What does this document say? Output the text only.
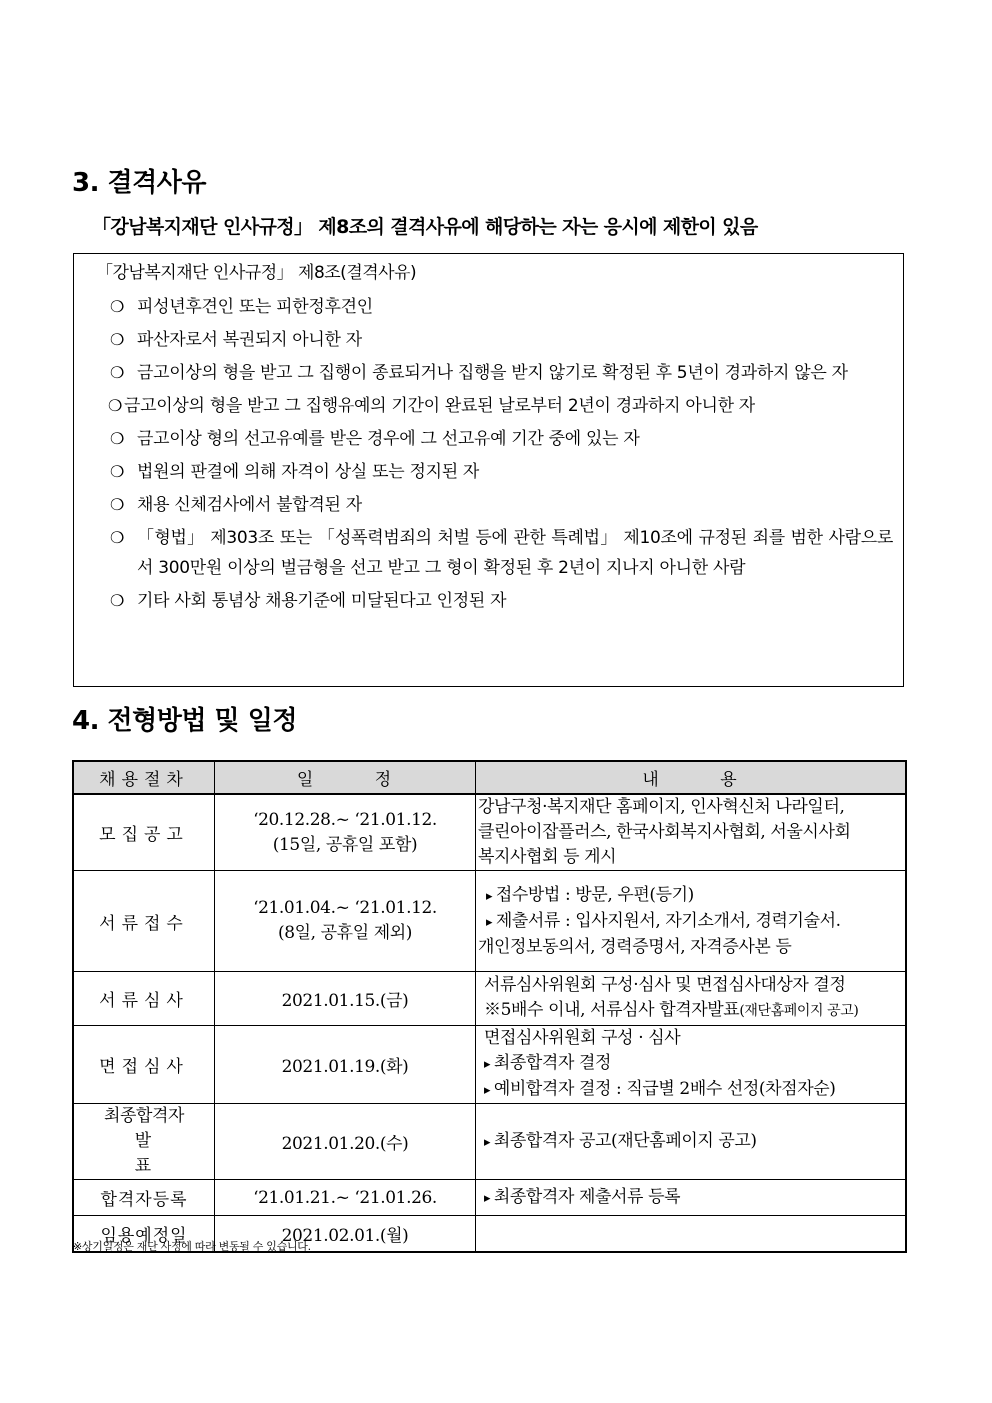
3. 결격사유
「강남복지재단 인사규정」 제8조의 결격사유에 해당하는 자는 응시에 제한이 있음
「강남복지재단 인사규정」 제8조(결격사유)
❍ 피성년후견인 또는 피한정후견인
❍ 파산자로서 복권되지 아니한 자
❍ 금고이상의 형을 받고 그 집행이 종료되거나 집행을 받지 않기로 확정된 후 5년이 경과하지 않은 자
❍ 금고이상의 형을 받고 그 집행유예의 기간이 완료된 날로부터 2년이 경과하지 아니한 자
❍ 금고이상 형의 선고유예를 받은 경우에 그 선고유예 기간 중에 있는 자
❍ 법원의 판결에 의해 자격이 상실 또는 정지된 자
❍ 채용 신체검사에서 불합격된 자
❍ 「형법」 제303조 또는 「성폭력범죄의 처벌 등에 관한 특례법」 제10조에 규정된 죄를 범한 사람으로서 300만원 이상의 벌금형을 선고 받고 그 형이 확정된 후 2년이 지나지 아니한 사람
❍ 기타 사회 통념상 채용기준에 미달된다고 인정된 자
4. 전형방법 및 일정
채용절차	일 정	내 용
모집공고	‘20.12.28.~ ‘21.01.12.
(15일, 공휴일 포함)	강남구청·복지재단 홈페이지, 인사혁신처 나라일터,
클린아이잡플러스, 한국사회복지사협회, 서울시사회
복지사협회 등 게시

서류접수	‘21.01.04.~ ‘21.01.12.
(8일, 공휴일 제외)	▸ 접수방법 : 방문, 우편(등기)
▸ 제출서류 : 입사지원서, 자기소개서, 경력기술서.
개인정보동의서, 경력증명서, 자격증사본 등

서류심사	2021.01.15.(금)	서류심사위원회 구성·심사 및 면접심사대상자 결정
※5배수 이내, 서류심사 합격자발표(재단홈페이지 공고)

면접심사	2021.01.19.(화)	면접심사위원회 구성 · 심사
▸ 최종합격자 결정
▸ 예비합격자 결정 : 직급별 2배수 선정(차점자순)

최종합격자
발 표	2021.01.20.(수)	▸ 최종합격자 공고(재단홈페이지 공고)

합격자등록	‘21.01.21.~ ‘21.01.26.	▸ 최종합격자 제출서류 등록

임용예정일	2021.02.01.(월)	
※상기일정은 재단 사정에 따라 변동될 수 있습니다.
